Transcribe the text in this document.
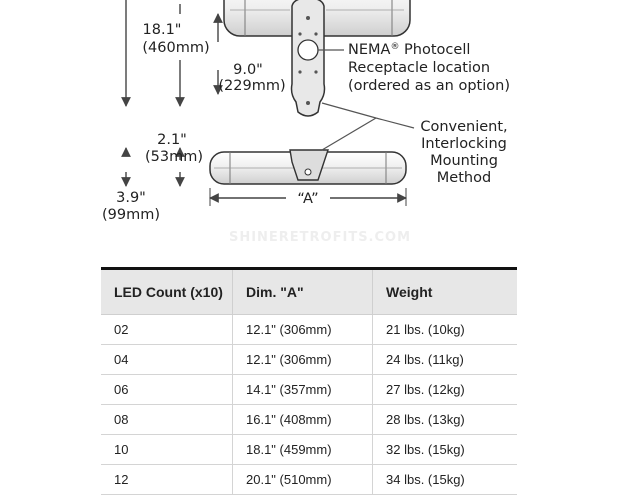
18.1"
(460mm)
9.0"
(229mm)
2.1"
(53mm)
3.9"
(99mm)
“A”
NEMA® Photocell
Receptacle location
(ordered as an option)
Convenient,
Interlocking
Mounting
Method
SHINERETROFITS.COM
LED Count (x10)	Dim. "A"	Weight
02	12.1" (306mm)	21 lbs. (10kg)
04	12.1" (306mm)	24 lbs. (11kg)
06	14.1" (357mm)	27 lbs. (12kg)
08	16.1" (408mm)	28 lbs. (13kg)
10	18.1" (459mm)	32 lbs. (15kg)
12	20.1" (510mm)	34 lbs. (15kg)
